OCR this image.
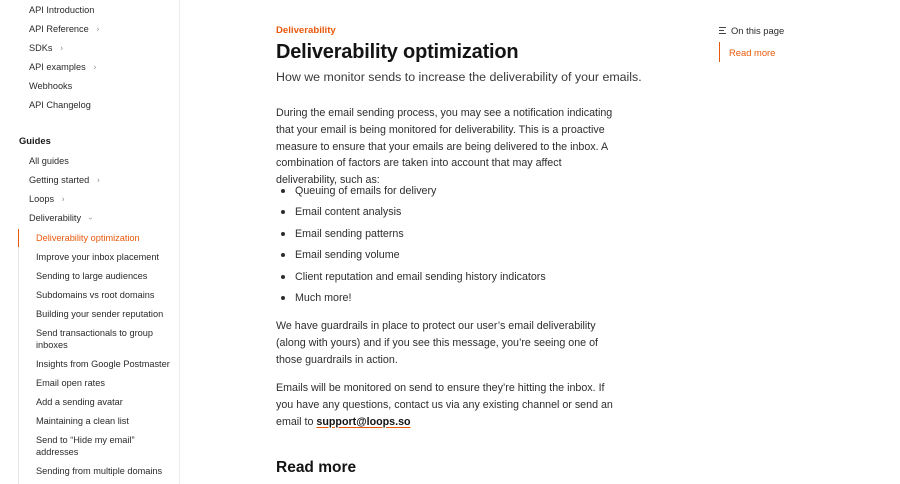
API Introduction
API Reference ›
SDKs ›
API examples ›
Webhooks
API Changelog
Guides
All guides
Getting started ›
Loops ›
Deliverability ›
Deliverability optimization
Improve your inbox placement
Sending to large audiences
Subdomains vs root domains
Building your sender reputation
Send transactionals to group inboxes
Insights from Google Postmaster
Email open rates
Add a sending avatar
Maintaining a clean list
Send to “Hide my email” addresses
Sending from multiple domains
Deliverability
Deliverability optimization
How we monitor sends to increase the deliverability of your emails.

During the email sending process, you may see a notification indicating that your email is being monitored for deliverability. This is a proactive measure to ensure that your emails are being delivered to the inbox. A combination of factors are taken into account that may affect deliverability, such as:

Queuing of emails for delivery
Email content analysis
Email sending patterns
Email sending volume
Client reputation and email sending history indicators
Much more!

We have guardrails in place to protect our user’s email deliverability (along with yours) and if you see this message, you’re seeing one of those guardrails in action.

Emails will be monitored on send to ensure they’re hitting the inbox. If you have any questions, contact us via any existing channel or send an email to support@loops.so

Read more
On this page
Read more
